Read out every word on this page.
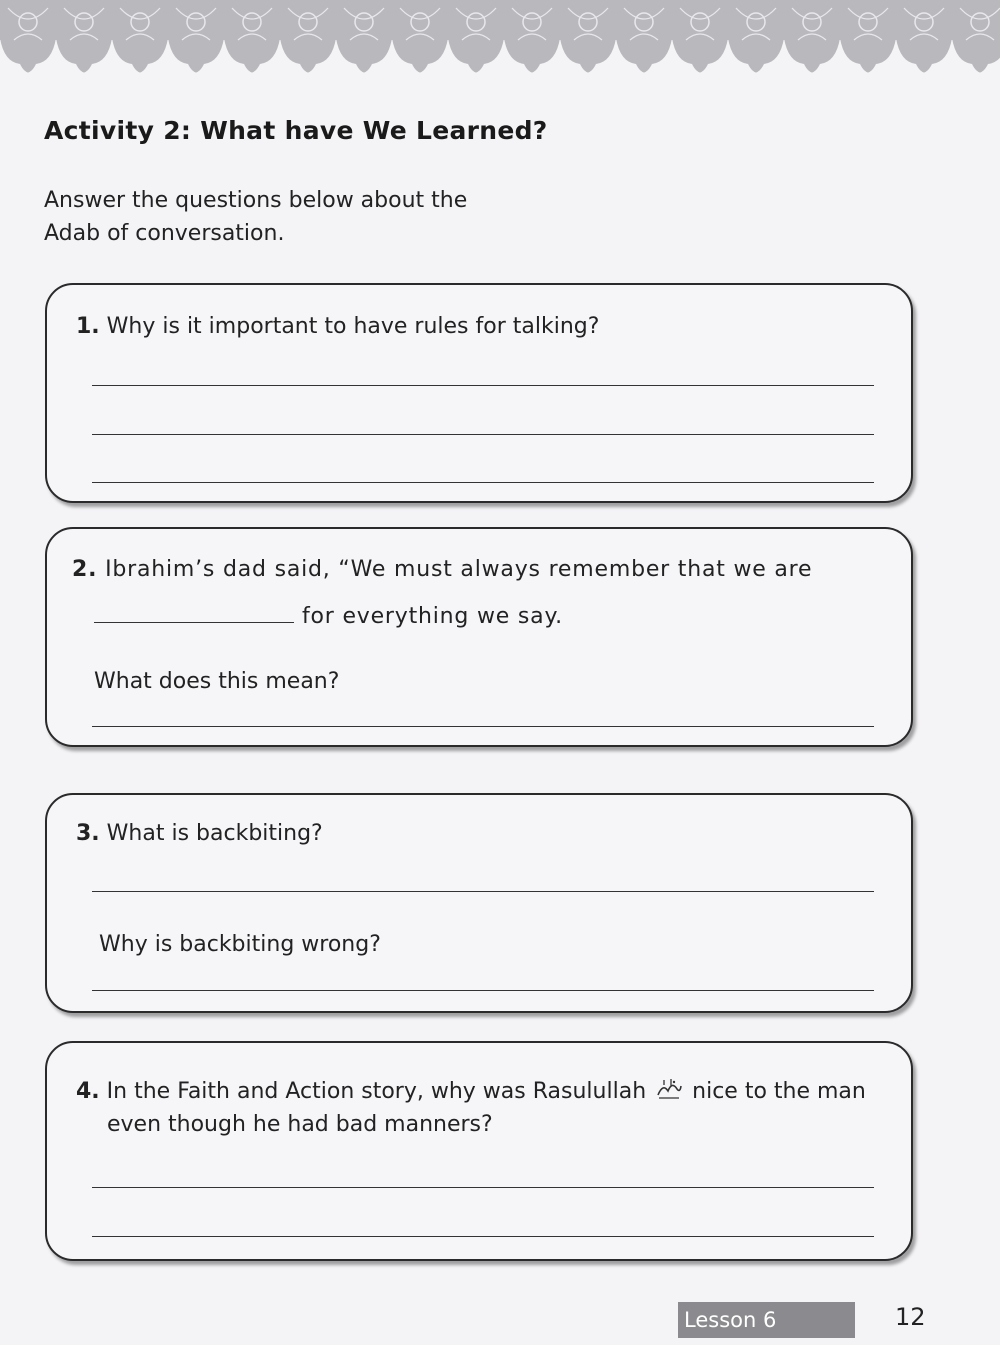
Activity 2: What have We Learned?
Answer the questions below about the Adab of conversation.
1. Why is it important to have rules for talking?
2. Ibrahim’s dad said, “We must always remember that we are
for everything we say.
What does this mean?
3. What is backbiting?
Why is backbiting wrong?
4. In the Faith and Action story, why was Rasulullah nice to the man
even though he had bad manners?
Lesson 6	12
